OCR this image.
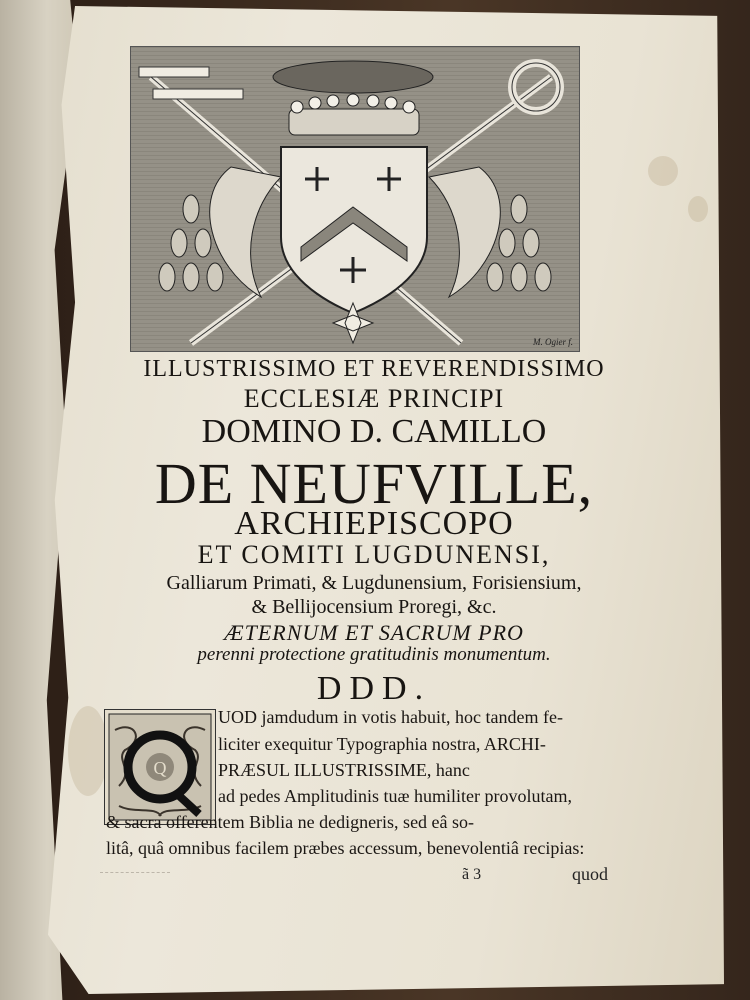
M. Ogier f.
ILLUSTRISSIMO ET REVERENDISSIMO
ECCLESIÆ PRINCIPI
DOMINO D. CAMILLO
DE NEUFVILLE,
ARCHIEPISCOPO
ET COMITI LUGDUNENSI,
Galliarum Primati, & Lugdunensium, Forisiensium,
& Bellijocensium Proregi, &c.
ÆTERNUM ET SACRUM PRO
perenni protectione gratitudinis monumentum.
DDD.
Q
UOD jamdudum in votis habuit, hoc tandem fe-
liciter exequitur Typographia nostra, ARCHI-
PRÆSUL ILLUSTRISSIME, hanc
ad pedes Amplitudinis tuæ humiliter provolutam,
& sacra offerentem Biblia ne dedigneris, sed eâ so-
litâ, quâ omnibus facilem præbes accessum, benevolentiâ recipias:
ã 3	quod
